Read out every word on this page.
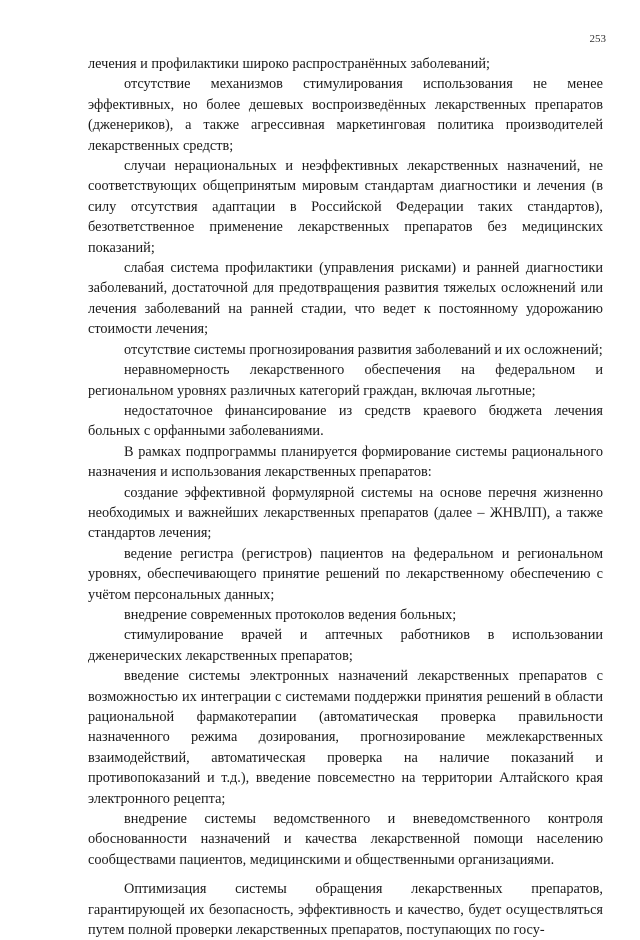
253

лечения и профилактики широко распространённых заболеваний;

отсутствие механизмов стимулирования использования не менее эффективных, но более дешевых воспроизведённых лекарственных препаратов (дженериков), а также агрессивная маркетинговая политика производителей лекарственных средств;

случаи нерациональных и неэффективных лекарственных назначений, не соответствующих общепринятым мировым стандартам диагностики и лечения (в силу отсутствия адаптации в Российской Федерации таких стандартов), безответственное применение лекарственных препаратов без медицинских показаний;

слабая система профилактики (управления рисками) и ранней диагностики заболеваний, достаточной для предотвращения развития тяжелых осложнений или лечения заболеваний на ранней стадии, что ведет к постоянному удорожанию стоимости лечения;

отсутствие системы прогнозирования развития заболеваний и их осложнений;

неравномерность лекарственного обеспечения на федеральном и региональном уровнях различных категорий граждан, включая льготные;

недостаточное финансирование из средств краевого бюджета лечения больных с орфанными заболеваниями.

В рамках подпрограммы планируется формирование системы рационального назначения и использования лекарственных препаратов:

создание эффективной формулярной системы на основе перечня жизненно необходимых и важнейших лекарственных препаратов (далее – ЖНВЛП), а также стандартов лечения;

ведение регистра (регистров) пациентов на федеральном и региональном уровнях, обеспечивающего принятие решений по лекарственному обеспечению с учётом персональных данных;

внедрение современных протоколов ведения больных;

стимулирование врачей и аптечных работников в использовании дженерических лекарственных препаратов;

введение системы электронных назначений лекарственных препаратов с возможностью их интеграции с системами поддержки принятия решений в области рациональной фармакотерапии (автоматическая проверка правильности назначенного режима дозирования, прогнозирование межлекарственных взаимодействий, автоматическая проверка на наличие показаний и противопоказаний и т.д.), введение повсеместно на территории Алтайского края электронного рецепта;

внедрение системы ведомственного и вневедомственного контроля обоснованности назначений и качества лекарственной помощи населению сообществами пациентов, медицинскими и общественными организациями.

Оптимизация системы обращения лекарственных препаратов, гарантирующей их безопасность, эффективность и качество, будет осуществляться путем полной проверки лекарственных препаратов, поступающих по госу-
